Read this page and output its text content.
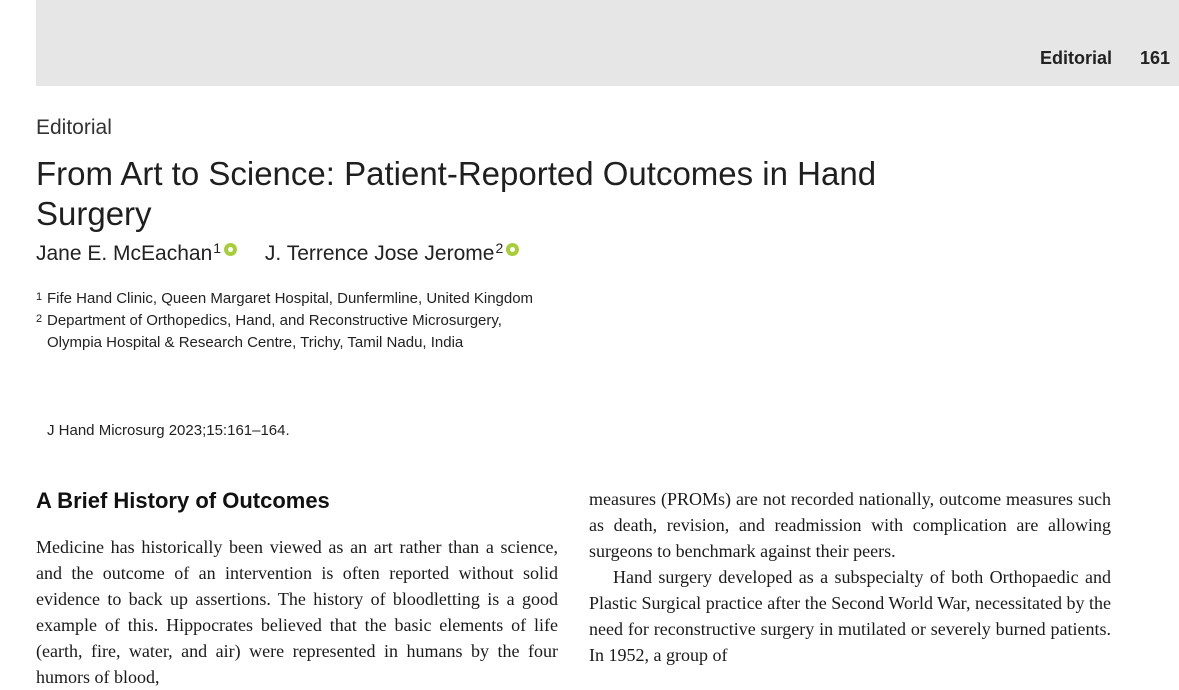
Editorial 161
Editorial
From Art to Science: Patient-Reported Outcomes in Hand Surgery
Jane E. McEachan$^1$
J. Terrence Jose Jerome$^2$
1 Fife Hand Clinic, Queen Margaret Hospital, Dunfermline, United Kingdom
2 Department of Orthopedics, Hand, and Reconstructive Microsurgery, Olympia Hospital & Research Centre, Trichy, Tamil Nadu, India
J Hand Microsurg 2023;15:161–164.
A Brief History of Outcomes

Medicine has historically been viewed as an art rather than a science, and the outcome of an intervention is often reported without solid evidence to back up assertions. The history of bloodletting is a good example of this. Hippocrates believed that the basic elements of life (earth, fire, water, and air) were represented in humans by the four humors of blood,

measures (PROMs) are not recorded nationally, outcome measures such as death, revision, and readmission with complication are allowing surgeons to benchmark against their peers.

Hand surgery developed as a subspecialty of both Orthopaedic and Plastic Surgical practice after the Second World War, necessitated by the need for reconstructive surgery in mutilated or severely burned patients. In 1952, a group of
